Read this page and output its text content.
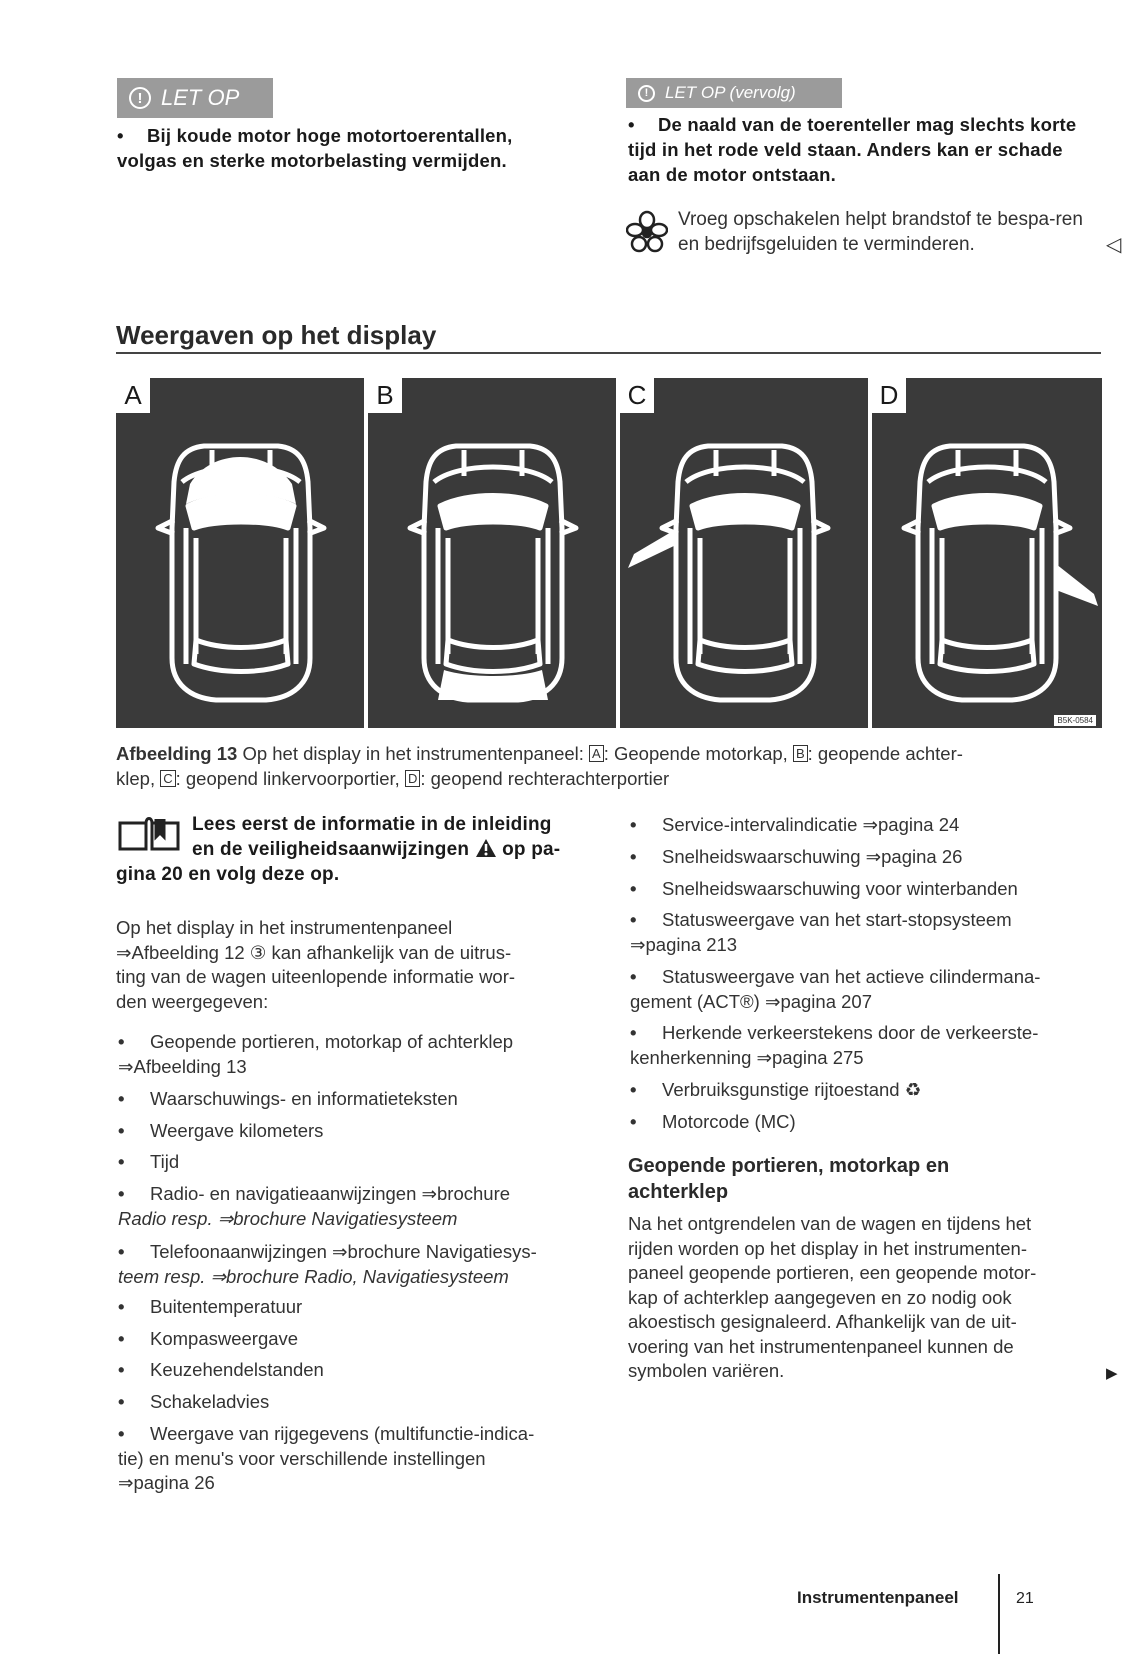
! LET OP
•	Bij koude motor hoge motortoerentallen, volgas en sterke motorbelasting vermijden.
! LET OP (vervolg)
•	De naald van de toerenteller mag slechts korte tijd in het rode veld staan. Anders kan er schade aan de motor ontstaan.
Vroeg opschakelen helpt brandstof te bespa-ren en bedrijfsgeluiden te verminderen.	◁
Weergaven op het display
A	B	C	D
B5K-0584
Afbeelding 13 Op het display in het instrumentenpaneel: A : Geopende motorkap, B : geopende achter-
klep, C : geopend linkervoorportier, D : geopend rechterachterportier
Lees eerst de informatie in de inleiding
en de veiligheidsaanwijzingen op pa-
gina 20 en volg deze op.
Op het display in het instrumentenpaneel
⇒Afbeelding 12 ③ kan afhankelijk van de uitrus-
ting van de wagen uiteenlopende informatie wor-
den weergegeven:
• Geopende portieren, motorkap of achterklep
⇒Afbeelding 13
• Waarschuwings- en informatieteksten
• Weergave kilometers
• Tijd
• Radio- en navigatieaanwijzingen ⇒brochure
Radio resp. ⇒brochure Navigatiesysteem
• Telefoonaanwijzingen ⇒brochure Navigatiesys-
teem resp. ⇒brochure Radio, Navigatiesysteem
• Buitentemperatuur
• Kompasweergave
• Keuzehendelstanden
• Schakeladvies
• Weergave van rijgegevens (multifunctie-indica-
tie) en menu's voor verschillende instellingen
⇒pagina 26
• Service-intervalindicatie ⇒pagina 24
• Snelheidswaarschuwing ⇒pagina 26
• Snelheidswaarschuwing voor winterbanden
• Statusweergave van het start-stopsysteem
⇒pagina 213
• Statusweergave van het actieve cilindermana-
gement (ACT®) ⇒pagina 207
• Herkende verkeerstekens door de verkeerste-
kenherkenning ⇒pagina 275
• Verbruiksgunstige rijtoestand ♻
• Motorcode (MC)
Geopende portieren, motorkap en
achterklep
Na het ontgrendelen van de wagen en tijdens het
rijden worden op het display in het instrumenten-
paneel geopende portieren, een geopende motor-
kap of achterklep aangegeven en zo nodig ook
akoestisch gesignaleerd. Afhankelijk van de uit-
voering van het instrumentenpaneel kunnen de
symbolen variëren.	▶
Instrumentenpaneel	21
